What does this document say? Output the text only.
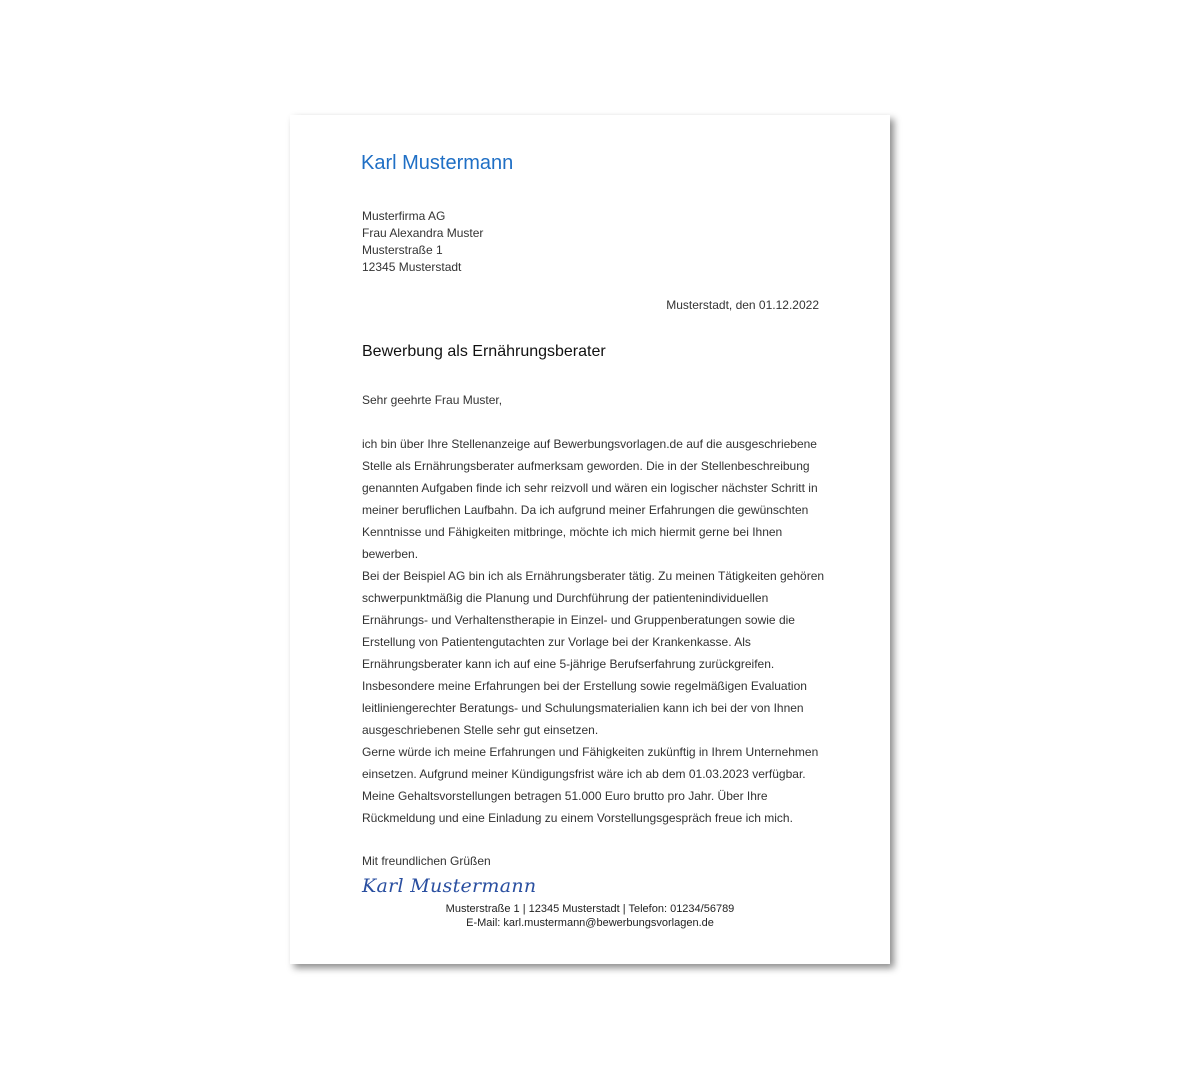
Karl Mustermann
Musterfirma AG
Frau Alexandra Muster
Musterstraße 1
12345 Musterstadt
Musterstadt, den 01.12.2022
Bewerbung als Ernährungsberater
Sehr geehrte Frau Muster,
ich bin über Ihre Stellenanzeige auf Bewerbungsvorlagen.de auf die ausgeschriebene
Stelle als Ernährungsberater aufmerksam geworden. Die in der Stellenbeschreibung
genannten Aufgaben finde ich sehr reizvoll und wären ein logischer nächster Schritt in
meiner beruflichen Laufbahn. Da ich aufgrund meiner Erfahrungen die gewünschten
Kenntnisse und Fähigkeiten mitbringe, möchte ich mich hiermit gerne bei Ihnen
bewerben.
Bei der Beispiel AG bin ich als Ernährungsberater tätig. Zu meinen Tätigkeiten gehören
schwerpunktmäßig die Planung und Durchführung der patientenindividuellen
Ernährungs- und Verhaltenstherapie in Einzel- und Gruppenberatungen sowie die
Erstellung von Patientengutachten zur Vorlage bei der Krankenkasse. Als
Ernährungsberater kann ich auf eine 5-jährige Berufserfahrung zurückgreifen.
Insbesondere meine Erfahrungen bei der Erstellung sowie regelmäßigen Evaluation
leitliniengerechter Beratungs- und Schulungsmaterialien kann ich bei der von Ihnen
ausgeschriebenen Stelle sehr gut einsetzen.
Gerne würde ich meine Erfahrungen und Fähigkeiten zukünftig in Ihrem Unternehmen
einsetzen. Aufgrund meiner Kündigungsfrist wäre ich ab dem 01.03.2023 verfügbar.
Meine Gehaltsvorstellungen betragen 51.000 Euro brutto pro Jahr. Über Ihre
Rückmeldung und eine Einladung zu einem Vorstellungsgespräch freue ich mich.
Mit freundlichen Grüßen
Karl Mustermann
Musterstraße 1 | 12345 Musterstadt | Telefon: 01234/56789
E-Mail: karl.mustermann@bewerbungsvorlagen.de
